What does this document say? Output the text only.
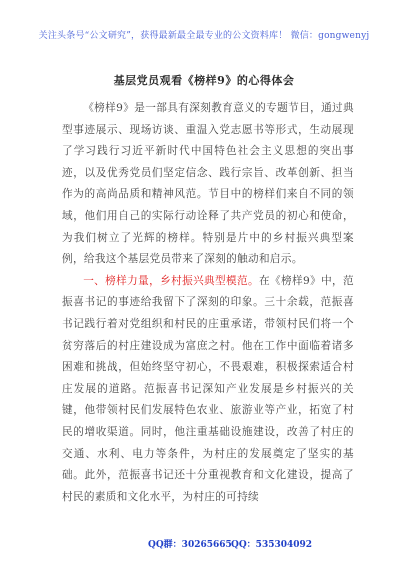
关注头条号“公文研究”，获得最新最全最专业的公文资料库！ 微信：gongwenyj
基层党员观看《榜样9》的心得体会

《榜样9》是一部具有深刻教育意义的专题节目，通过典型事迹展示、现场访谈、重温入党志愿书等形式，生动展现了学习践行习近平新时代中国特色社会主义思想的突出事迹，以及优秀党员们坚定信念、践行宗旨、改革创新、担当作为的高尚品质和精神风范。节目中的榜样们来自不同的领域，他们用自己的实际行动诠释了共产党员的初心和使命，为我们树立了光辉的榜样。特别是片中的乡村振兴典型案例，给我这个基层党员带来了深刻的触动和启示。

一、榜样力量，乡村振兴典型模范。在《榜样9》中，范振喜书记的事迹给我留下了深刻的印象。三十余载，范振喜书记践行着对党组织和村民的庄重承诺，带领村民们将一个贫穷落后的村庄建设成为富庶之村。他在工作中面临着诸多困难和挑战，但始终坚守初心，不畏艰难，积极探索适合村庄发展的道路。范振喜书记深知产业发展是乡村振兴的关键，他带领村民们发展特色农业、旅游业等产业，拓宽了村民的增收渠道。同时，他注重基础设施建设，改善了村庄的交通、水利、电力等条件，为村庄的发展奠定了坚实的基础。此外，范振喜书记还十分重视教育和文化建设，提高了村民的素质和文化水平，为村庄的可持续

QQ群：30265665 QQ：535304092
